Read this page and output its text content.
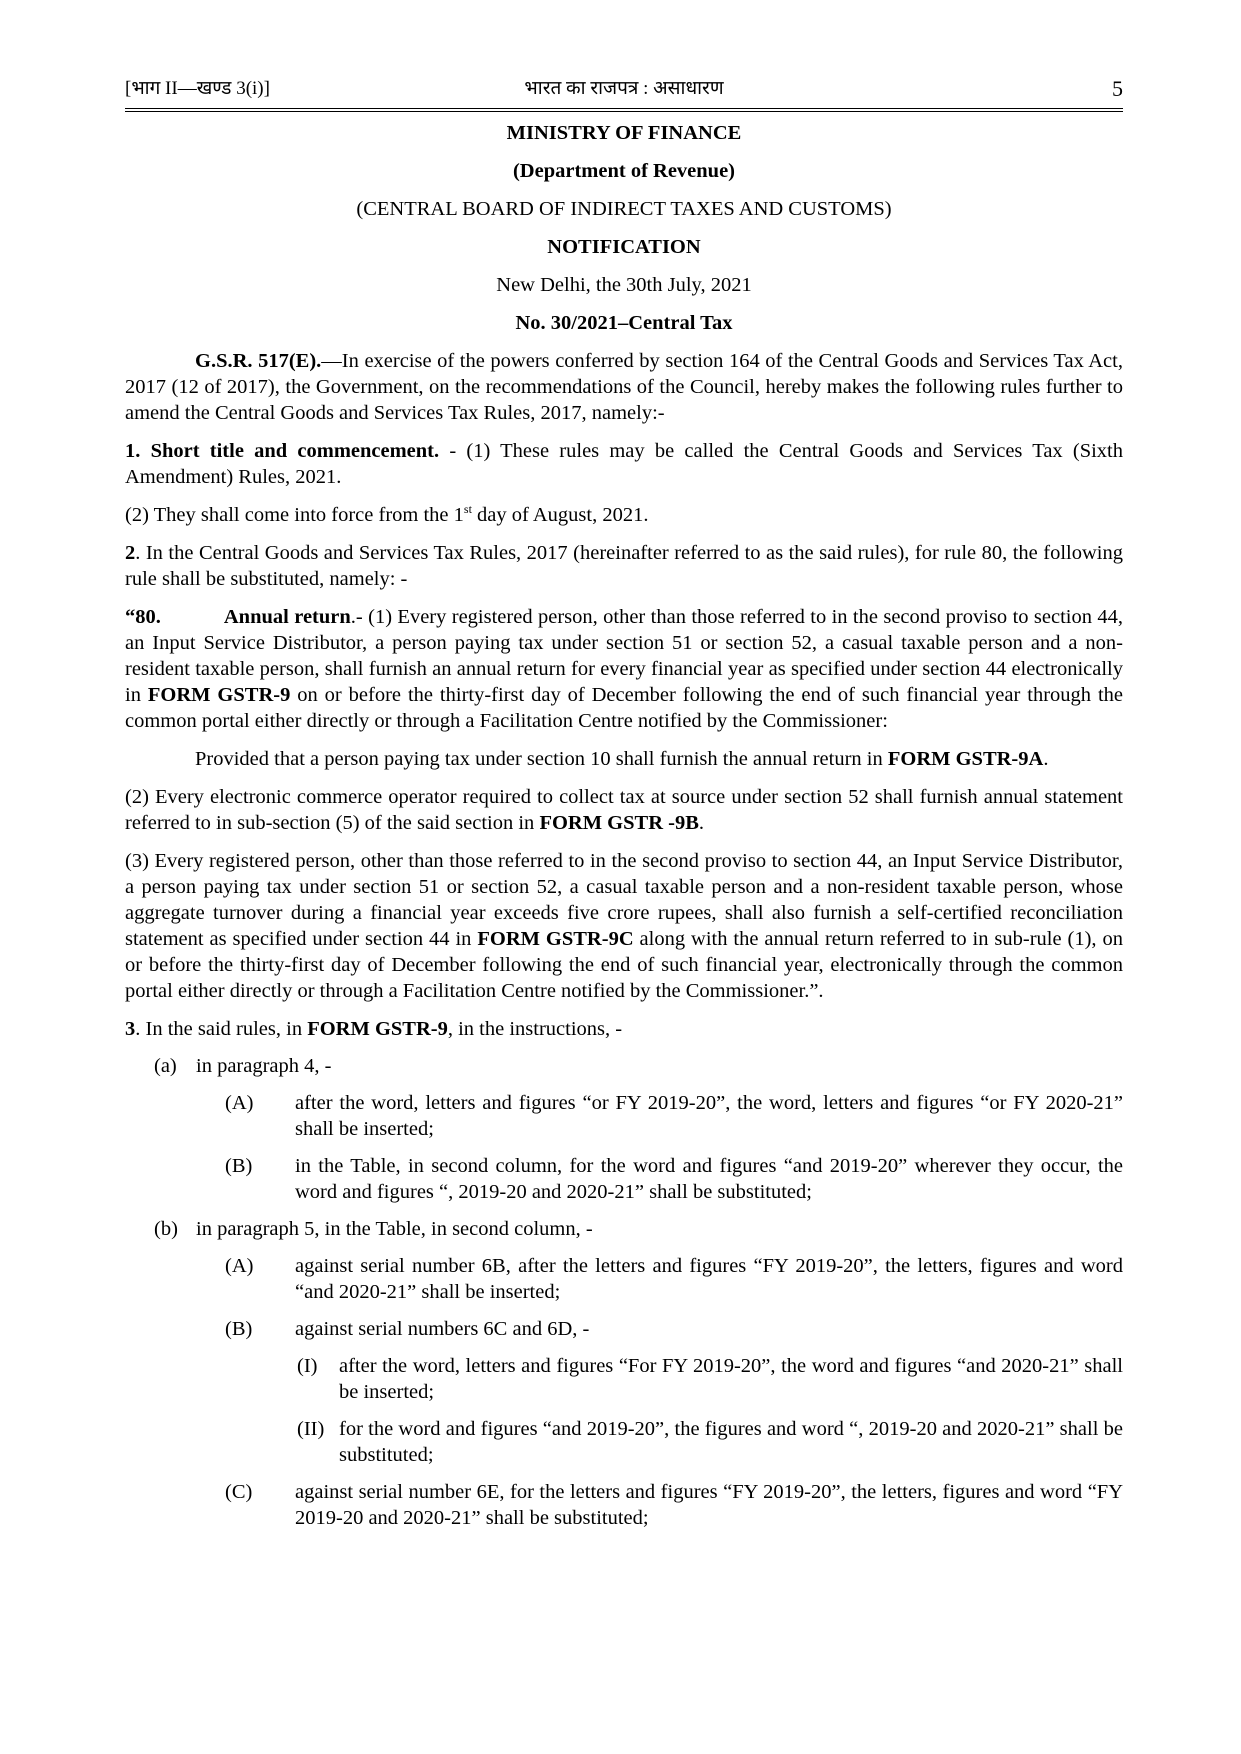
[भाग II—खण्ड 3(i)]	भारत का राजपत्र : असाधारण	5

MINISTRY OF FINANCE

(Department of Revenue)

(CENTRAL BOARD OF INDIRECT TAXES AND CUSTOMS)

NOTIFICATION

New Delhi, the 30th July, 2021

No. 30/2021–Central Tax

G.S.R. 517(E).—In exercise of the powers conferred by section 164 of the Central Goods and Services Tax Act, 2017 (12 of 2017), the Government, on the recommendations of the Council, hereby makes the following rules further to amend the Central Goods and Services Tax Rules, 2017, namely:-

1. Short title and commencement. - (1) These rules may be called the Central Goods and Services Tax (Sixth Amendment) Rules, 2021.

(2) They shall come into force from the 1st day of August, 2021.

2. In the Central Goods and Services Tax Rules, 2017 (hereinafter referred to as the said rules), for rule 80, the following rule shall be substituted, namely: -

“80.	Annual return.- (1) Every registered person, other than those referred to in the second proviso to section 44, an Input Service Distributor, a person paying tax under section 51 or section 52, a casual taxable person and a non-resident taxable person, shall furnish an annual return for every financial year as specified under section 44 electronically in FORM GSTR-9 on or before the thirty-first day of December following the end of such financial year through the common portal either directly or through a Facilitation Centre notified by the Commissioner:

Provided that a person paying tax under section 10 shall furnish the annual return in FORM GSTR-9A.

(2) Every electronic commerce operator required to collect tax at source under section 52 shall furnish annual statement referred to in sub-section (5) of the said section in FORM GSTR -9B.

(3) Every registered person, other than those referred to in the second proviso to section 44, an Input Service Distributor, a person paying tax under section 51 or section 52, a casual taxable person and a non-resident taxable person, whose aggregate turnover during a financial year exceeds five crore rupees, shall also furnish a self-certified reconciliation statement as specified under section 44 in FORM GSTR-9C along with the annual return referred to in sub-rule (1), on or before the thirty-first day of December following the end of such financial year, electronically through the common portal either directly or through a Facilitation Centre notified by the Commissioner.”.

3. In the said rules, in FORM GSTR-9, in the instructions, -

(a) in paragraph 4, -
(A)	after the word, letters and figures “or FY 2019-20”, the word, letters and figures “or FY 2020-21” shall be inserted;
(B)	in the Table, in second column, for the word and figures “and 2019-20” wherever they occur, the word and figures “, 2019-20 and 2020-21” shall be substituted;
(b) in paragraph 5, in the Table, in second column, -
(A)	against serial number 6B, after the letters and figures “FY 2019-20”, the letters, figures and word “and 2020-21” shall be inserted;
(B)	against serial numbers 6C and 6D, -
(I)	after the word, letters and figures “For FY 2019-20”, the word and figures “and 2020-21” shall be inserted;
(II) for the word and figures “and 2019-20”, the figures and word “, 2019-20 and 2020-21” shall be substituted;
(C)	against serial number 6E, for the letters and figures “FY 2019-20”, the letters, figures and word “FY 2019-20 and 2020-21” shall be substituted;
